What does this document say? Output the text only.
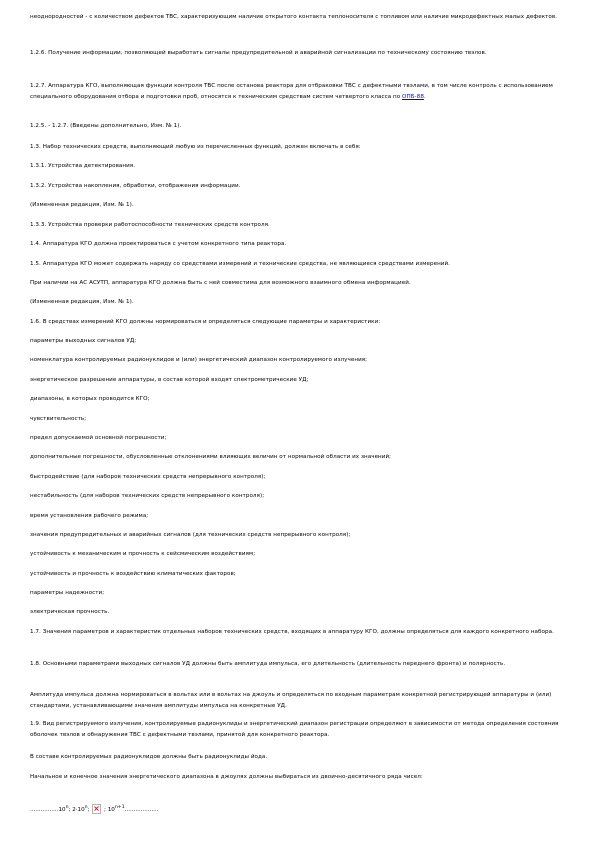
неоднородностей - с количеством дефектов ТВС, характеризующим наличие открытого контакта теплоносителя с топливом или наличие микродефектных малых дефектов.

1.2.6. Получение информации, позволяющей выработать сигналы предупредительной и аварийной сигнализации по техническому состоянию твэлов.

1.2.7. Аппаратура КГО, выполняющая функции контроля ТВС после останова реактора для отбраковки ТВС с дефектными твэлами, в том числе контроль с использованием специального оборудования отбора и подготовки проб, относятся к техническим средствам систем четвертого класса по ОПБ-88.

1.2.5. - 1.2.7. (Введены дополнительно, Изм. № 1).

1.3. Набор технических средств, выполняющий любую из перечисленных функций, должен включать в себя:

1.3.1. Устройства детектирования.

1.3.2. Устройства накопления, обработки, отображения информации.

(Измененная редакция, Изм. № 1).

1.3.3. Устройства проверки работоспособности технических средств контроля.

1.4. Аппаратура КГО должна проектироваться с учетом конкретного типа реактора.

1.5. Аппаратура КГО может содержать наряду со средствами измерений и технические средства, не являющиеся средствами измерений.

При наличии на АС АСУТП, аппаратура КГО должна быть с ней совместима для возможного взаимного обмена информацией.

(Измененная редакция, Изм. № 1).

1.6. В средствах измерений КГО должны нормироваться и определяться следующие параметры и характеристики:

параметры выходных сигналов УД;

номенклатура контролируемых радионуклидов и (или) энергетический диапазон контролируемого излучения;

энергетическое разрешение аппаратуры, в состав которой входят спектрометрические УД;

диапазоны, в которых проводится КГО;

чувствительность;

предел допускаемой основной погрешности;

дополнительные погрешности, обусловленные отклонениями влияющих величин от нормальной области их значений;

быстродействие (для наборов технических средств непрерывного контроля);

нестабильность (для наборов технических средств непрерывного контроля);

время установления рабочего режима;

значения предупредительных и аварийных сигналов (для технических средств непрерывного контроля);

устойчивость к механическим и прочность к сейсмическим воздействиям;

устойчивость и прочность к воздействию климатических факторов;

параметры надежности;

электрическая прочность.

1.7. Значения параметров и характеристик отдельных наборов технических средств, входящих в аппаратуру КГО, должны определяться для каждого конкретного набора.

1.8. Основными параметрами выходных сигналов УД должны быть амплитуда импульса, его длительность (длительность переднего фронта) и полярность.

Амплитуда импульса должна нормироваться в вольтах или в вольтах на джоуль и определяться по входным параметрам конкретной регистрирующей аппаратуры и (или) стандартами, устанавливающими значения амплитуды импульса на конкретные УД.

1.9. Вид регистрируемого излучения, контролируемые радионуклиды и энергетический диапазон регистрации определяют в зависимости от метода определения состояния оболочек твэлов и обнаружения ТВС с дефектными твэлами, принятой для конкретного реактора.

В составе контролируемых радионуклидов должны быть радионуклиды йода.

Начальное и конечное значения энергетического диапазона в джоулях должны выбираться из двоично-десятичного ряда чисел:

................10$^n$; $2\cdot 10^n$;
; $10^{n+1}$...................
